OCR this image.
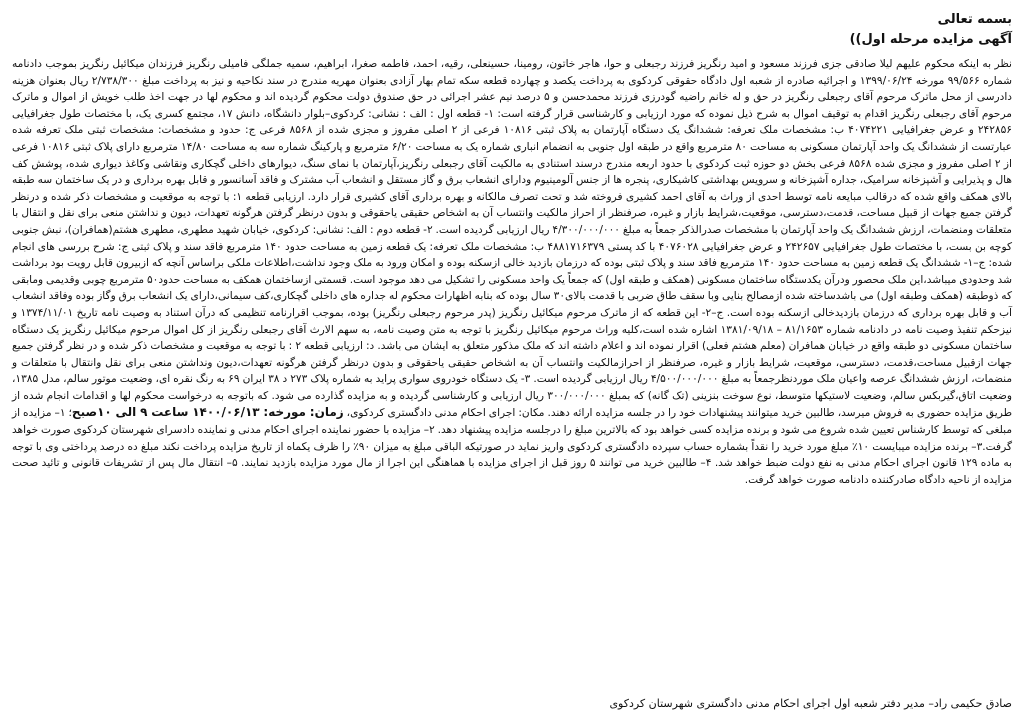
بسمه تعالی

آگهی مزایده مرحله اول))

نظر به اینکه محکوم علیهم لیلا صادقی جزی فرزند مسعود و امید رنگریز فرزند رجبعلی و حوا، هاجر خاتون، رومینا، حسینعلی، رقیه، احمد، فاطمه صغرا، ابراهیم، سمیه جملگی فامیلی رنگریز فرزندان میکائیل رنگریز بموجب دادنامه شماره ۹۹/۵۶۶ مورخه ۱۳۹۹/۰۶/۲۴ و اجرائیه صادره از شعبه اول دادگاه حقوقی کردکوی به پرداخت یکصد و چهارده قطعه سکه تمام بهار آزادی بعنوان مهریه مندرج در سند نکاحیه و نیز به پرداخت مبلغ ۲/۷۳۸/۳۰۰ ریال بعنوان هزینه دادرسی از محل ماترک مرحوم آقای رجبعلی رنگریز در حق و له خانم راضیه گودرزی فرزند محمدحسن و ۵ درصد نیم عشر اجرائی در حق صندوق دولت محکوم گردیده اند و محکوم لها در جهت اخذ طلب خویش از اموال و ماترک مرحوم آقای رجبعلی رنگریز اقدام به توقیف اموال به شرح ذیل نموده که مورد ارزیابی و کارشناسی قرار گرفته است: ۱- قطعه اول : الف : نشانی: کردکوی–بلوار دانشگاه، دانش ۱۷، مجتمع کسری یک، با مختصات طول جغرافیایی ۲۴۲۸۵۶ و عرض جغرافیایی ۴۰۷۴۲۲۱ ب: مشخصات ملک تعرفه: ششدانگ یک دستگاه آپارتمان به پلاک ثبتی ۱۰۸۱۶ فرعی از ۲ اصلی مفروز و مجزی شده از ۸۵۶۸ فرعی ج: حدود و مشخصات: مشخصات ثبتی ملک تعرفه شده عبارتست از ششدانگ یک واحد آپارتمان مسکونی به مساحت ۸۰ مترمربع واقع در طبقه اول جنوبی به انضمام انباری شماره یک به مساحت ۶/۲۰ مترمربع و پارکینگ شماره سه به مساحت ۱۴/۸۰ مترمربع دارای پلاک ثبتی ۱۰۸۱۶ فرعی از ۲ اصلی مفروز و مجزی شده ۸۵۶۸ فرعی بخش دو حوزه ثبت کردکوی با حدود اربعه مندرج درسند استنادی به مالکیت آقای رجبعلی رنگریز،آپارتمان با نمای سنگ، دیوارهای داخلی گچکاری ونقاشی وکاغذ دیواری شده، پوشش کف هال و پذیرایی و آشپزخانه سرامیک، جداره آشپزخانه و سرویس بهداشتی کاشیکاری، پنجره ها از جنس آلومینیوم ودارای انشعاب برق و گاز مستقل و انشعاب آب مشترک و فاقد آسانسور و قابل بهره برداری و در یک ساختمان سه طبقه بالای همکف واقع شده که درقالب مبایعه نامه توسط احدی از وراث به آقای احمد کشیری فروخته شد و تحت تصرف مالکانه و بهره برداری آقای کشیری قرار دارد. ارزیابی قطعه ۱: با توجه به موقعیت و مشخصات ذکر شده و درنظر گرفتن جمیع جهات از قبیل مساحت، قدمت،دسترسی، موقعیت،شرایط بازار و غیره، صرفنظر از احراز مالکیت وانتساب آن به اشخاص حقیقی یاحقوقی و بدون درنظر گرفتن هرگونه تعهدات، دیون و نداشتن منعی برای نقل و انتقال با متعلقات ومنضمات، ارزش ششدانگ یک واحد آپارتمان با مشخصات صدرالذکر جمعاً به مبلغ ۴/۳۰۰/۰۰۰/۰۰۰ ریال ارزیابی گردیده است. ۲- قطعه دوم : الف: نشانی: کردکوی، خیابان شهید مطهری، مطهری هشتم(همافران)، نبش جنوبی کوچه بن بست، با مختصات طول جغرافیایی ۲۴۲۶۵۷ و عرض جغرافیایی ۴۰۷۶۰۲۸ با کد پستی ۴۸۸۱۷۱۶۳۷۹ ب: مشخصات ملک تعرفه: یک قطعه زمین به مساحت حدود ۱۴۰ مترمربع فاقد سند و پلاک ثبتی ج: شرح بررسی های انجام شده: ج–۱- ششدانگ یک قطعه زمین به مساحت حدود ۱۴۰ مترمربع فاقد سند و پلاک ثبتی بوده که درزمان بازدید خالی ازسکنه بوده و امکان ورود به ملک وجود نداشت،اطلاعات ملکی براساس آنچه که ازبیرون قابل رویت بود برداشت شد وحدودی میباشد،این ملک محصور ودرآن یکدستگاه ساختمان مسکونی (همکف و طبقه اول) که جمعاً یک واحد مسکونی را تشکیل می دهد موجود است. قسمتی ازساختمان همکف به مساحت حدود۵۰ مترمربع چوبی وقدیمی ومابقی که ذوطبقه (همکف وطبقه اول) می باشدساخته شده ازمصالح بنایی وبا سقف طاق ضربی با قدمت بالای۳۰ سال بوده که بنابه اظهارات محکوم له جداره های داخلی گچکاری،کف سیمانی،دارای یک انشعاب برق وگاز بوده وفاقد انشعاب آب و قابل بهره برداری که درزمان بازدیدخالی ازسکنه بوده است. ج–۲- این قطعه که از ماترک مرحوم میکائیل رنگریز (پدر مرحوم رجبعلی رنگریز) بوده، بموجب اقرارنامه تنظیمی که درآن استناد به وصیت نامه تاریخ ۱۳۷۴/۱۱/۰۱ و نیزحکم تنفیذ وصیت نامه در دادنامه شماره ۸۱/۱۶۵۳ – ۱۳۸۱/۰۹/۱۸ اشاره شده است،کلیه وراث مرحوم میکائیل رنگریز با توجه به متن وصیت نامه، به سهم الارث آقای رجبعلی رنگریز از کل اموال مرحوم میکائیل رنگریز یک دستگاه ساختمان مسکونی دو طبقه واقع در خیابان همافران (معلم هشتم فعلی) اقرار نموده اند و اعلام داشته اند که ملک مذکور متعلق به ایشان می باشد. د: ارزیابی قطعه ۲ : با توجه به موقعیت و مشخصات ذکر شده و در نظر گرفتن جمیع جهات ازقبیل مساحت،قدمت، دسترسی، موقعیت، شرایط بازار و غیره، صرفنظر از احرازمالکیت وانتساب آن به اشخاص حقیقی یاحقوقی و بدون درنظر گرفتن هرگونه تعهدات،دیون ونداشتن منعی برای نقل وانتقال با متعلقات و منضمات، ارزش ششدانگ عرصه واعیان ملک موردنظرجمعاً به مبلغ ۴/۵۰۰/۰۰۰/۰۰۰ ریال ارزیابی گردیده است. ۳- یک دستگاه خودروی سواری پراید به شماره پلاک ۲۷۳ د ۳۸ ایران ۶۹ به رنگ نقره ای، وضعیت موتور سالم، مدل ۱۳۸۵، وضعیت اتاق،گیربکس سالم، وضعیت لاستیکها متوسط، نوع سوخت بنزینی (تک گانه) که بمبلغ ۳۰۰/۰۰۰/۰۰۰ ریال ارزیابی و کارشناسی گردیده و به مزایده گذارده می شود. که باتوجه به درخواست محکوم لها و اقدامات انجام شده از طریق مزایده حضوری به فروش میرسد، طالبین خرید میتوانند پیشنهادات خود را در جلسه مزایده ارائه دهند. مکان: اجرای احکام مدنی دادگستری کردکوی، زمان: مورخه: ۱۴۰۰/۰۶/۱۳ ساعت ۹ الی ۱۰صبح؛ ۱– مزایده از مبلغی که توسط کارشناس تعیین شده شروع می شود و برنده مزایده کسی خواهد بود که بالاترین مبلغ را درجلسه مزایده پیشنهاد دهد. ۲– مزایده با حضور نماینده اجرای احکام مدنی و نماینده دادسرای شهرستان کردکوی صورت خواهد گرفت.۳– برنده مزایده میبایست ۱۰٪ مبلغ مورد خرید را نقداً بشماره حساب سپرده دادگستری کردکوی واریز نماید در صورتیکه الباقی مبلغ به میزان ۹۰٪ را ظرف یکماه از تاریخ مزایده پرداخت نکند مبلغ ده درصد پرداختی وی با توجه به ماده ۱۲۹ قانون اجرای احکام مدنی به نفع دولت ضبط خواهد شد. ۴– طالبین خرید می توانند ۵ روز قبل از اجرای مزایده با هماهنگی این اجرا از مال مورد مزایده بازدید نمایند. ۵– انتقال مال پس از تشریفات قانونی و تائید صحت مزایده از ناحیه دادگاه صادرکننده دادنامه صورت خواهد گرفت.

صادق حکیمی راد– مدیر دفتر شعبه اول اجرای احکام مدنی دادگستری شهرستان کردکوی
